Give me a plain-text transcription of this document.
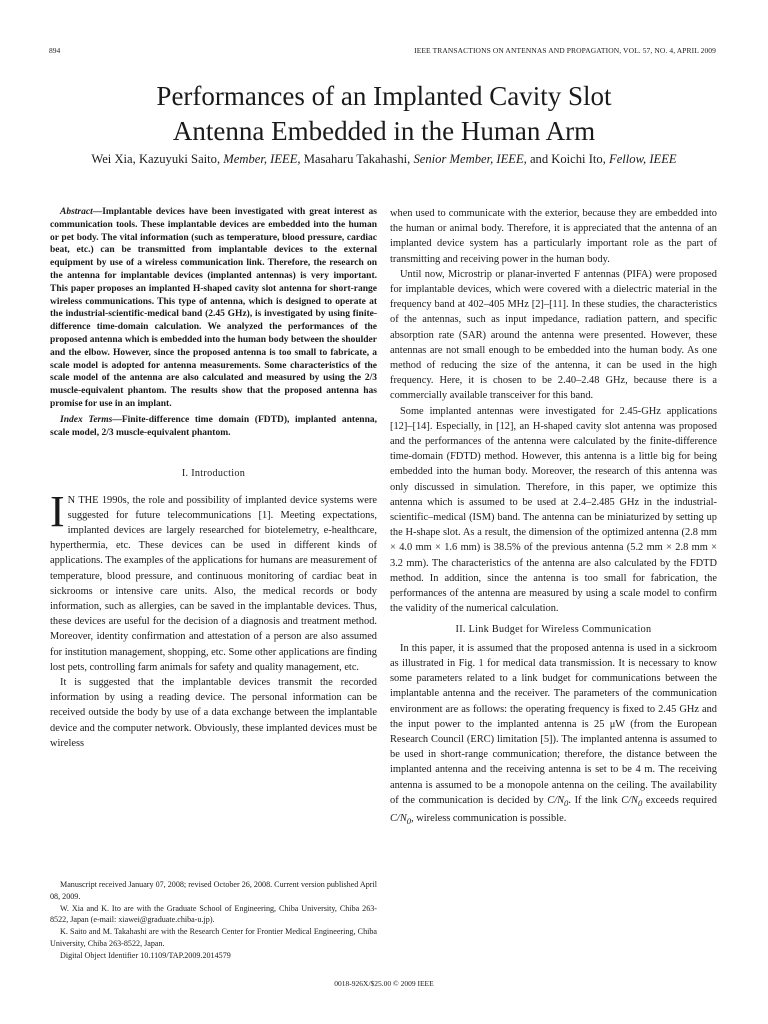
894	IEEE TRANSACTIONS ON ANTENNAS AND PROPAGATION, VOL. 57, NO. 4, APRIL 2009
Performances of an Implanted Cavity Slot
Antenna Embedded in the Human Arm
Wei Xia, Kazuyuki Saito, Member, IEEE, Masaharu Takahashi, Senior Member, IEEE, and Koichi Ito, Fellow, IEEE

Abstract—Implantable devices have been investigated with great interest as communication tools. These implantable devices are embedded into the human or pet body. The vital information (such as temperature, blood pressure, cardiac beat, etc.) can be transmitted from implantable devices to the external equipment by use of a wireless communication link. Therefore, the research on the antenna for implantable devices (implanted antennas) is very important. This paper proposes an implanted H-shaped cavity slot antenna for short-range wireless communications. This type of antenna, which is designed to operate at the industrial-scientific-medical band (2.45 GHz), is investigated by using finite-difference time-domain calculation. We analyzed the performances of the proposed antenna which is embedded into the human body between the shoulder and the elbow. However, since the proposed antenna is too small to fabricate, a scale model is adopted for antenna measurements. Some characteristics of the scale model of the antenna are also calculated and measured by using the 2/3 muscle-equivalent phantom. The results show that the proposed antenna has promise for use in an implant.

Index Terms—Finite-difference time domain (FDTD), implanted antenna, scale model, 2/3 muscle-equivalent phantom.

I. Introduction

I N THE 1990s, the role and possibility of implanted device systems were suggested for future telecommunications [1]. Meeting expectations, implanted devices are largely researched for biotelemetry, e-healthcare, hyperthermia, etc. These devices can be used in different kinds of applications. The examples of the applications for humans are measurement of temperature, blood pressure, and continuous monitoring of cardiac beat in sickrooms or intensive care units. Also, the medical records or body information, such as allergies, can be saved in the implantable devices. Thus, these devices are useful for the decision of a diagnosis and treatment method. Moreover, identity confirmation and attestation of a person are also assumed for institution management, shopping, etc. Some other applications are finding lost pets, controlling farm animals for safety and quality management, etc.

It is suggested that the implantable devices transmit the recorded information by using a reading device. The personal information can be received outside the body by use of a data exchange between the implantable device and the computer network. Obviously, these implanted devices must be wireless

Manuscript received January 07, 2008; revised October 26, 2008. Current version published April 08, 2009.

W. Xia and K. Ito are with the Graduate School of Engineering, Chiba University, Chiba 263-8522, Japan (e-mail: xiawei@graduate.chiba-u.jp).

K. Saito and M. Takahashi are with the Research Center for Frontier Medical Engineering, Chiba University, Chiba 263-8522, Japan.

Digital Object Identifier 10.1109/TAP.2009.2014579

when used to communicate with the exterior, because they are embedded into the human or animal body. Therefore, it is appreciated that the antenna of an implanted device system has a particularly important role as the part of transmitting and receiving power in the human body.

Until now, Microstrip or planar-inverted F antennas (PIFA) were proposed for implantable devices, which were covered with a dielectric material in the frequency band at 402–405 MHz [2]–[11]. In these studies, the characteristics of the antennas, such as input impedance, radiation pattern, and specific absorption rate (SAR) around the antenna were presented. However, these antennas are not small enough to be embedded into the human body. As one method of reducing the size of the antenna, it can be used in the high frequency. Here, it is chosen to be 2.40–2.48 GHz, because there is a commercially available transceiver for this band.

Some implanted antennas were investigated for 2.45-GHz applications [12]–[14]. Especially, in [12], an H-shaped cavity slot antenna was proposed and the performances of the antenna were calculated by the finite-difference time-domain (FDTD) method. However, this antenna is a little big for being embedded into the human body. Moreover, the research of this antenna was only discussed in simulation. Therefore, in this paper, we optimize this antenna which is assumed to be used at 2.4–2.485 GHz in the industrial-scientific–medical (ISM) band. The antenna can be miniaturized by setting up the H-shape slot. As a result, the dimension of the optimized antenna (2.8 mm × 4.0 mm × 1.6 mm) is 38.5% of the previous antenna (5.2 mm × 2.8 mm × 3.2 mm). The characteristics of the antenna are also calculated by the FDTD method. In addition, since the antenna is too small for fabrication, the performances of the antenna are measured by using a scale model to confirm the validity of the numerical calculation.

II. Link Budget for Wireless Communication

In this paper, it is assumed that the proposed antenna is used in a sickroom as illustrated in Fig. 1 for medical data transmission. It is necessary to know some parameters related to a link budget for communications between the implantable antenna and the receiver. The parameters of the communication environment are as follows: the operating frequency is fixed to 2.45 GHz and the input power to the implanted antenna is 25 μW (from the European Research Council (ERC) limitation [5]). The implanted antenna is assumed to be used in short-range communication; therefore, the distance between the implanted antenna and the receiving antenna is set to be 4 m. The receiving antenna is assumed to be a monopole antenna on the ceiling. The availability of the communication is decided by $C/N_0$. If the link $C/N_0$ exceeds required $C/N_0$, wireless communication is possible.

0018-926X/$25.00 © 2009 IEEE
